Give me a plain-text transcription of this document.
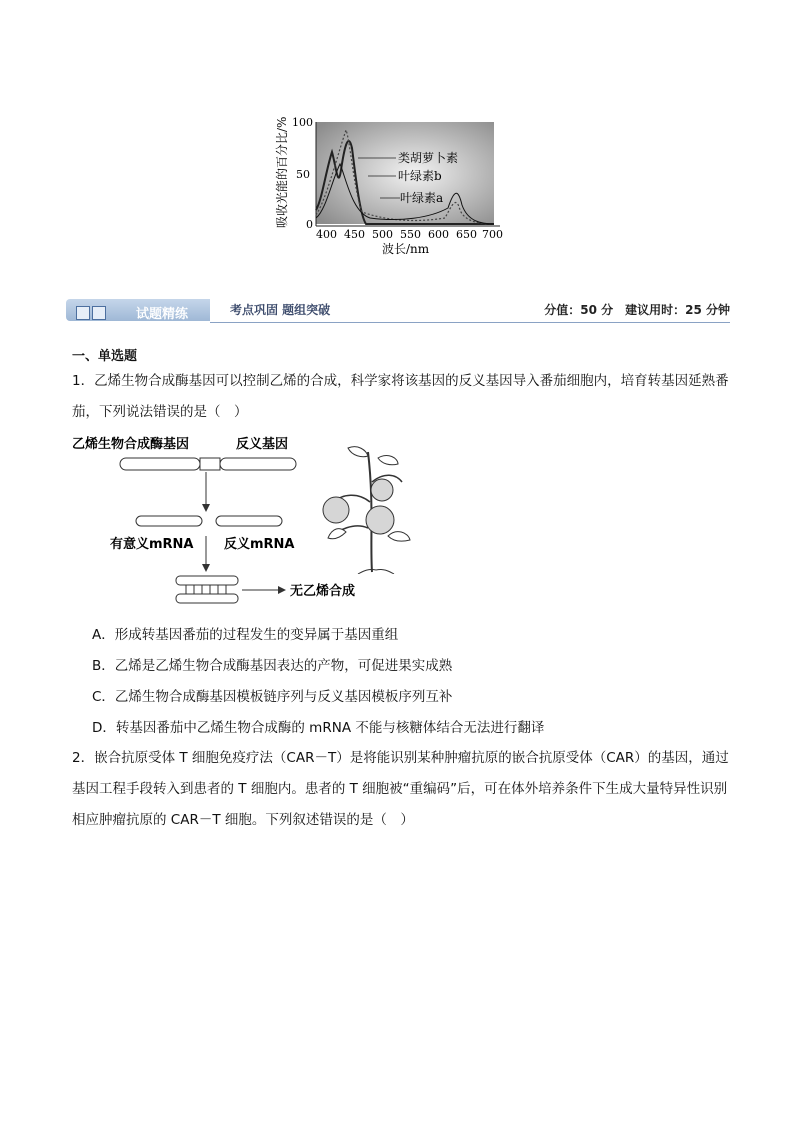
类胡萝卜素
叶绿素b
叶绿素a
100
50
0
400 450 500 550 600 650 700
波长/nm
吸收光能的百分比/%
试题精练	考点巩固 题组突破	分值：50 分　建议用时：25 分钟
一、单选题
1．乙烯生物合成酶基因可以控制乙烯的合成，科学家将该基因的反义基因导入番茄细胞内，培育转基因延熟番茄，下列说法错误的是（　）
乙烯生物合成酶基因	反义基因
有意义mRNA 反义mRNA
无乙烯合成
A．形成转基因番茄的过程发生的变异属于基因重组
B．乙烯是乙烯生物合成酶基因表达的产物，可促进果实成熟
C．乙烯生物合成酶基因模板链序列与反义基因模板序列互补
D．转基因番茄中乙烯生物合成酶的 mRNA 不能与核糖体结合无法进行翻译
2．嵌合抗原受体 T 细胞免疫疗法（CAR－T）是将能识别某种肿瘤抗原的嵌合抗原受体（CAR）的基因，通过基因工程手段转入到患者的 T 细胞内。患者的 T 细胞被“重编码”后，可在体外培养条件下生成大量特异性识别相应肿瘤抗原的 CAR－T 细胞。下列叙述错误的是（　）
